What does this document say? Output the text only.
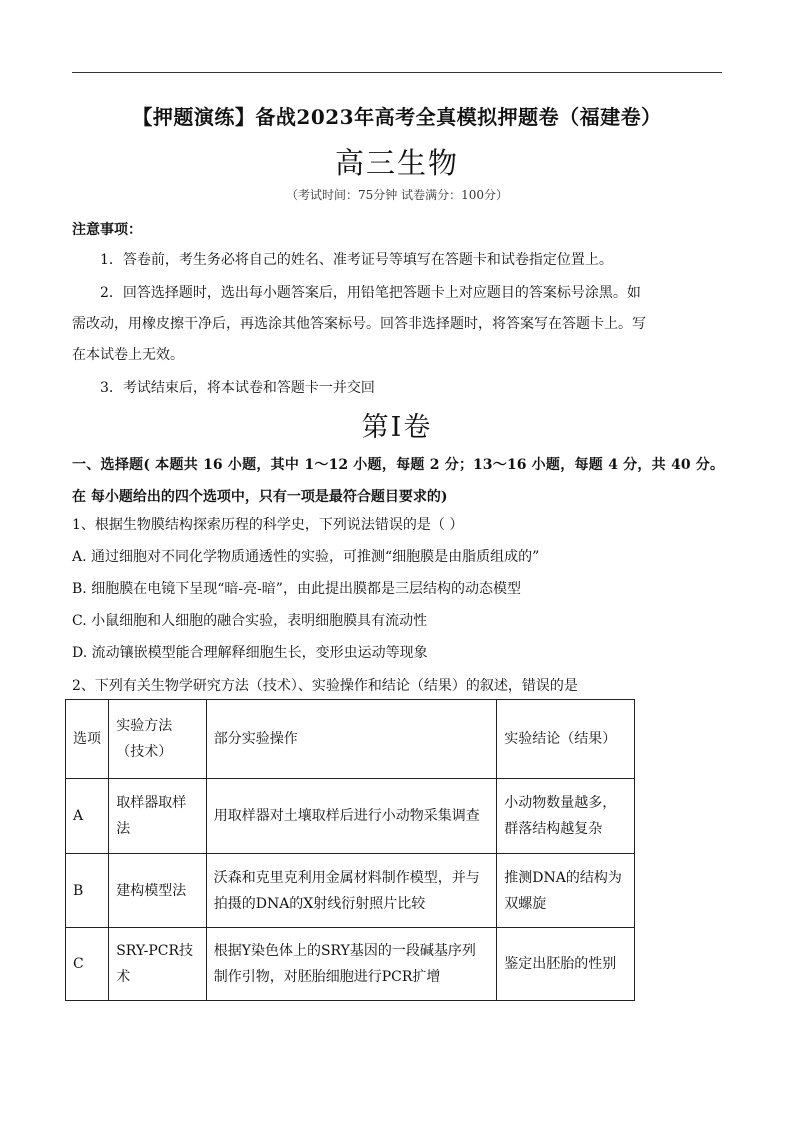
【押题演练】备战2023年高考全真模拟押题卷（福建卷）
高三生物
（考试时间：75分钟 试卷满分：100分）
注意事项：
1．答卷前，考生务必将自己的姓名、准考证号等填写在答题卡和试卷指定位置上。
2．回答选择题时，选出每小题答案后，用铅笔把答题卡上对应题目的答案标号涂黑。如
需改动，用橡皮擦干净后，再选涂其他答案标号。回答非选择题时，将答案写在答题卡上。写
在本试卷上无效。
3．考试结束后，将本试卷和答题卡一并交回
第I卷
一、选择题( 本题共 16 小题，其中 1～12 小题，每题 2 分；13～16 小题，每题 4 分，共 40 分。在 每小题给出的四个选项中，只有一项是最符合题目要求的)
1、根据生物膜结构探索历程的科学史，下列说法错误的是（ ）
A. 通过细胞对不同化学物质通透性的实验，可推测“细胞膜是由脂质组成的”
B. 细胞膜在电镜下呈现“暗-亮-暗”，由此提出膜都是三层结构的动态模型
C. 小鼠细胞和人细胞的融合实验，表明细胞膜具有流动性
D. 流动镶嵌模型能合理解释细胞生长，变形虫运动等现象
2、下列有关生物学研究方法（技术）、实验操作和结论（结果）的叙述，错误的是
选项	实验方法（技术）	部分实验操作	实验结论（结果）
A	取样器取样法	用取样器对土壤取样后进行小动物采集调查	小动物数量越多，群落结构越复杂
B	建构模型法	沃森和克里克利用金属材料制作模型，并与拍摄的DNA的X射线衍射照片比较	推测DNA的结构为双螺旋
C	SRY-PCR技术	根据Y染色体上的SRY基因的一段碱基序列制作引物，对胚胎细胞进行PCR扩增	鉴定出胚胎的性别
